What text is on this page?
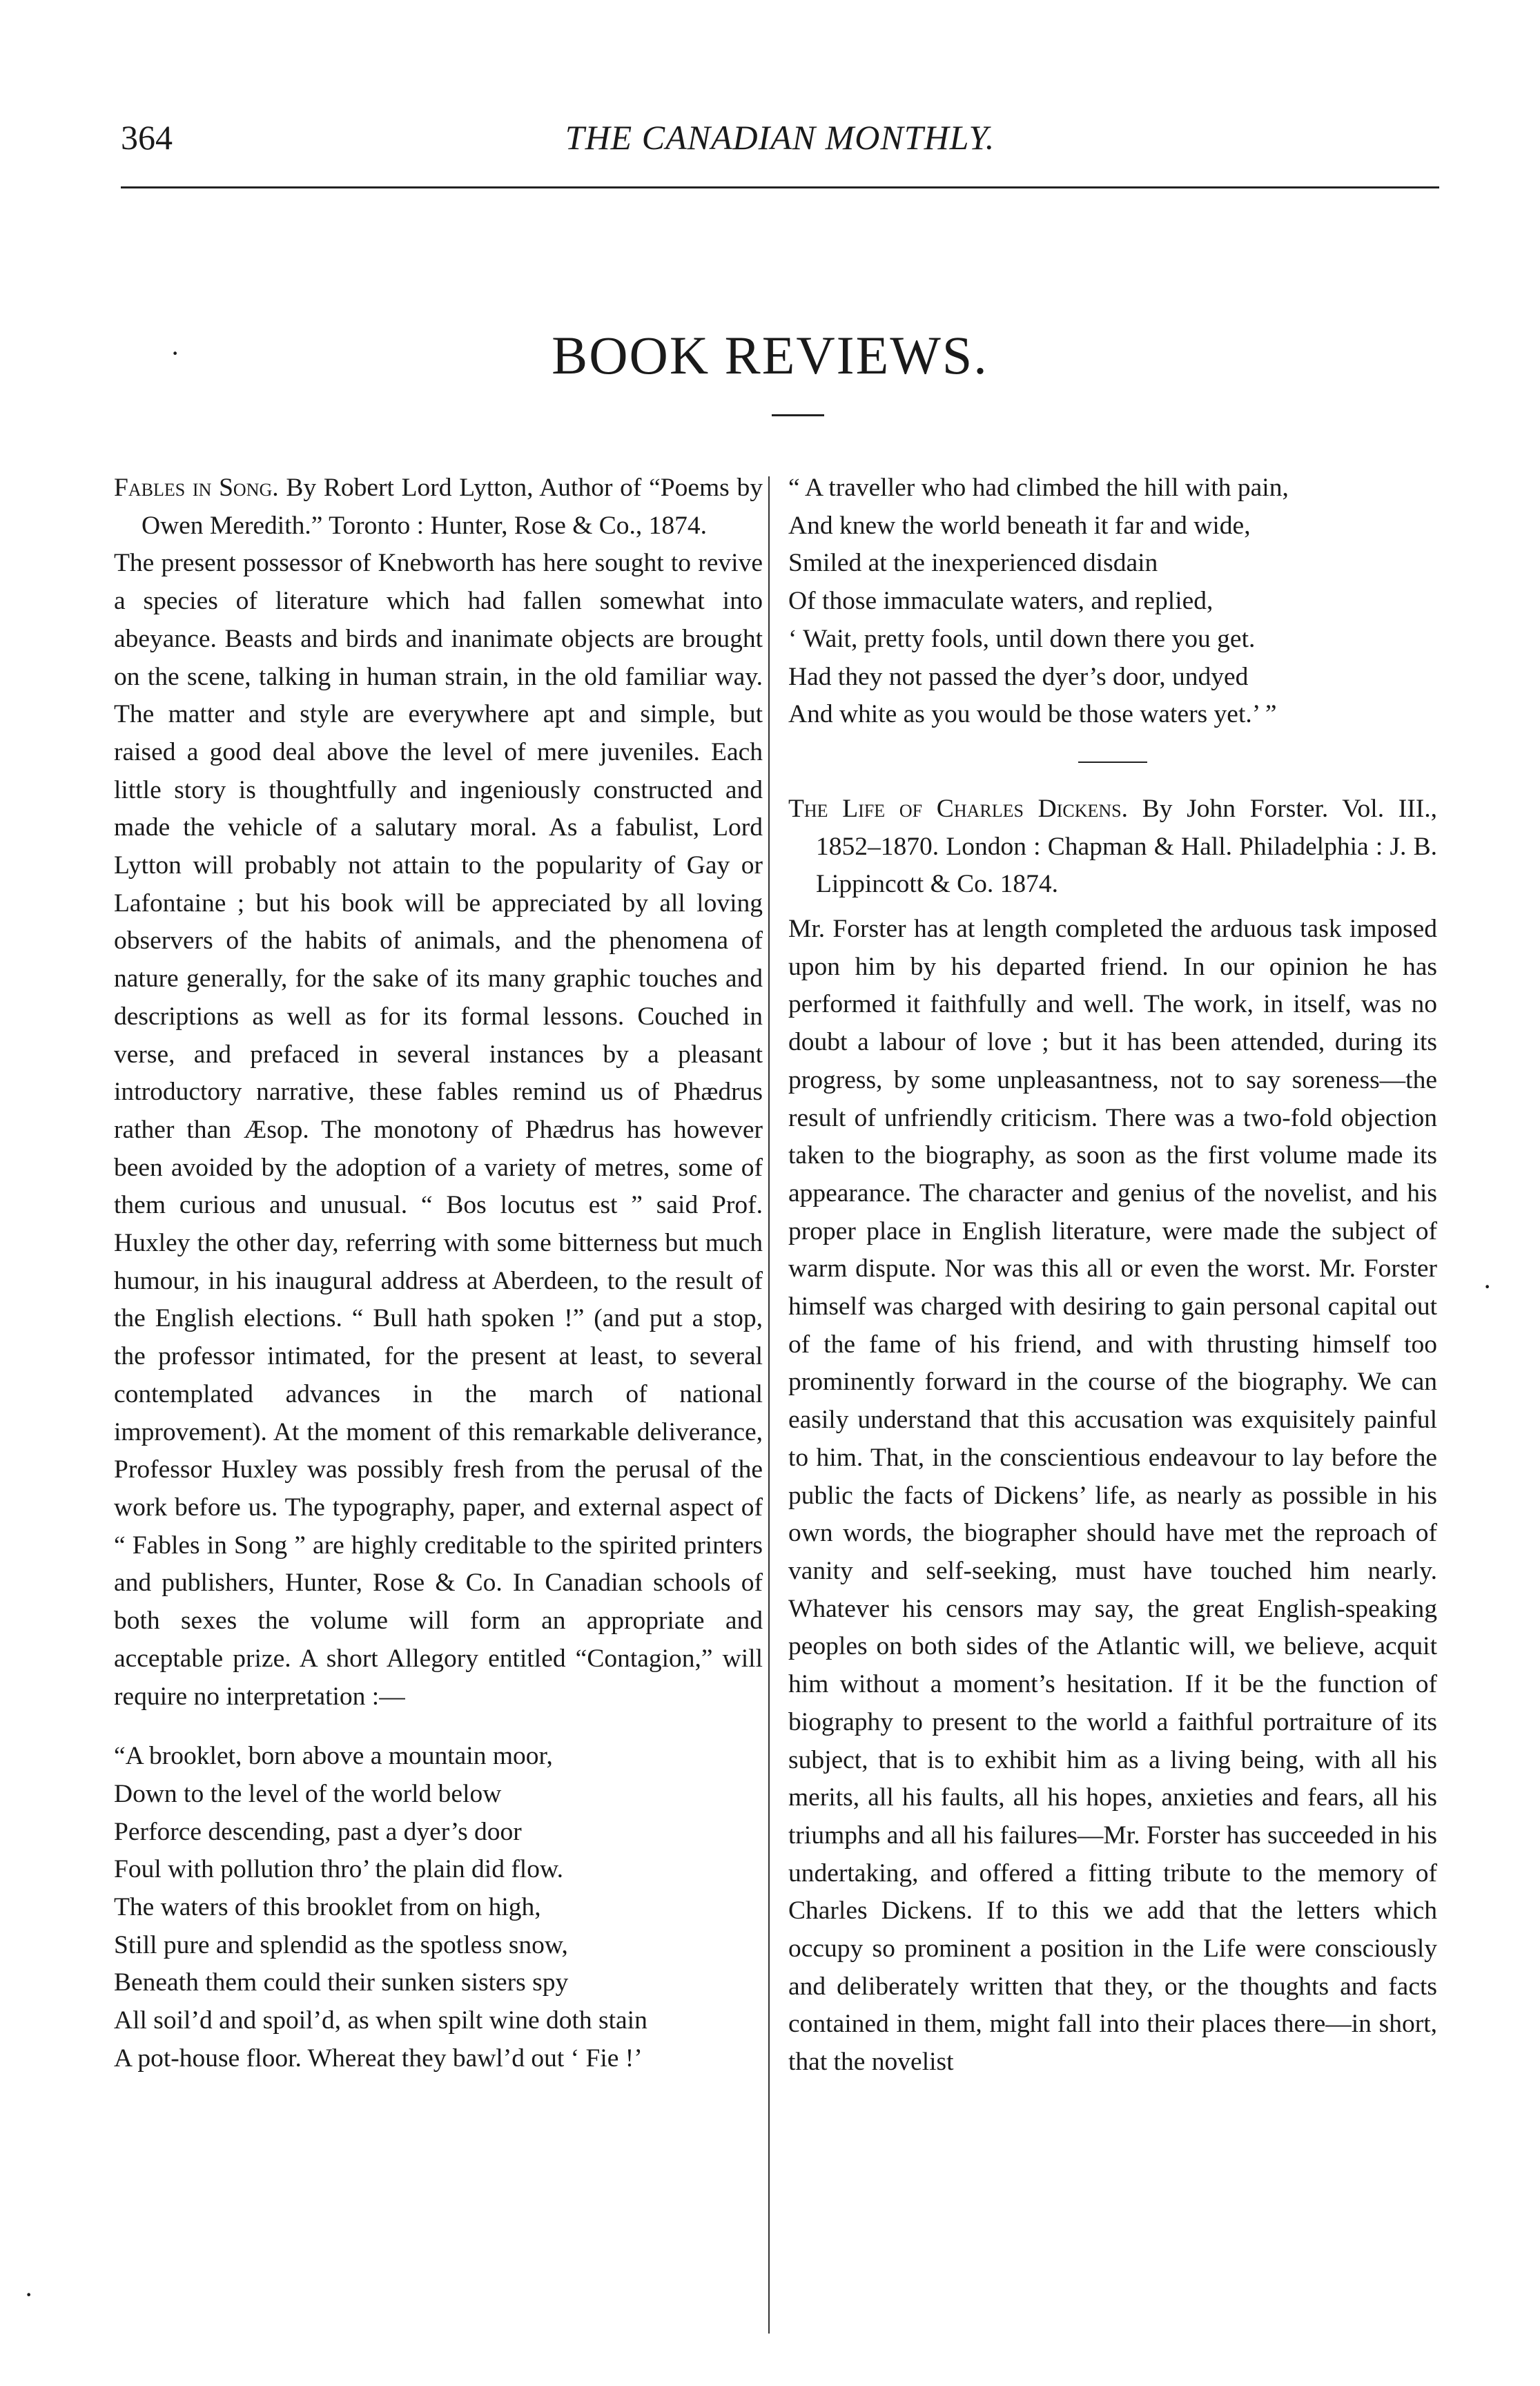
364	THE CANADIAN MONTHLY.
·	BOOK REVIEWS.

Fables in Song. By Robert Lord Lytton, Author of “Poems by Owen Meredith.” Toronto : Hunter, Rose & Co., 1874.

The present possessor of Knebworth has here sought to revive a species of literature which had fallen somewhat into abeyance. Beasts and birds and inanimate objects are brought on the scene, talking in human strain, in the old familiar way. The matter and style are everywhere apt and simple, but raised a good deal above the level of mere juveniles. Each little story is thoughtfully and ingeniously constructed and made the vehicle of a salutary moral. As a fabulist, Lord Lytton will probably not attain to the popularity of Gay or Lafontaine ; but his book will be appreciated by all loving observers of the habits of animals, and the phenomena of nature generally, for the sake of its many graphic touches and descriptions as well as for its formal lessons. Couched in verse, and prefaced in several instances by a pleasant introductory narrative, these fables remind us of Phædrus rather than Æsop. The monotony of Phædrus has however been avoided by the adoption of a variety of metres, some of them curious and unusual. “ Bos locutus est ” said Prof. Huxley the other day, referring with some bitterness but much humour, in his inaugural address at Aberdeen, to the result of the English elections. “ Bull hath spoken !” (and put a stop, the professor intimated, for the present at least, to several contemplated advances in the march of national improvement). At the moment of this remarkable deliverance, Professor Huxley was possibly fresh from the perusal of the work before us. The typography, paper, and external aspect of “ Fables in Song ” are highly creditable to the spirited printers and publishers, Hunter, Rose & Co. In Canadian schools of both sexes the volume will form an appropriate and acceptable prize. A short Allegory entitled “Contagion,” will require no interpretation :—

“A brooklet, born above a mountain moor,
Down to the level of the world below
Perforce descending, past a dyer’s door
Foul with pollution thro’ the plain did flow.
The waters of this brooklet from on high,
Still pure and splendid as the spotless snow,
Beneath them could their sunken sisters spy
All soil’d and spoil’d, as when spilt wine doth stain
A pot-house floor. Whereat they bawl’d out ‘ Fie !’
“ A traveller who had climbed the hill with pain,
And knew the world beneath it far and wide,
Smiled at the inexperienced disdain
Of those immaculate waters, and replied,
‘ Wait, pretty fools, until down there you get.
Had they not passed the dyer’s door, undyed
And white as you would be those waters yet.’ ”

The Life of Charles Dickens. By John Forster. Vol. III., 1852–1870. London : Chapman & Hall. Philadelphia : J. B. Lippincott & Co. 1874.

Mr. Forster has at length completed the arduous task imposed upon him by his departed friend. In our opinion he has performed it faithfully and well. The work, in itself, was no doubt a labour of love ; but it has been attended, during its progress, by some unpleasantness, not to say soreness—the result of unfriendly criticism. There was a two-fold objection taken to the biography, as soon as the first volume made its appearance. The character and genius of the novelist, and his proper place in English literature, were made the subject of warm dispute. Nor was this all or even the worst. Mr. Forster himself was charged with desiring to gain personal capital out of the fame of his friend, and with thrusting himself too prominently forward in the course of the biography. We can easily understand that this accusation was exquisitely painful to him. That, in the conscientious endeavour to lay before the public the facts of Dickens’ life, as nearly as possible in his own words, the biographer should have met the reproach of vanity and self-seeking, must have touched him nearly. Whatever his censors may say, the great English-speaking peoples on both sides of the Atlantic will, we believe, acquit him without a moment’s hesitation. If it be the function of biography to present to the world a faithful portraiture of its subject, that is to exhibit him as a living being, with all his merits, all his faults, all his hopes, anxieties and fears, all his triumphs and all his failures—Mr. Forster has succeeded in his undertaking, and offered a fitting tribute to the memory of Charles Dickens. If to this we add that the letters which occupy so prominent a position in the Life were consciously and deliberately written that they, or the thoughts and facts contained in them, might fall into their places there—in short, that the novelist

·
·
